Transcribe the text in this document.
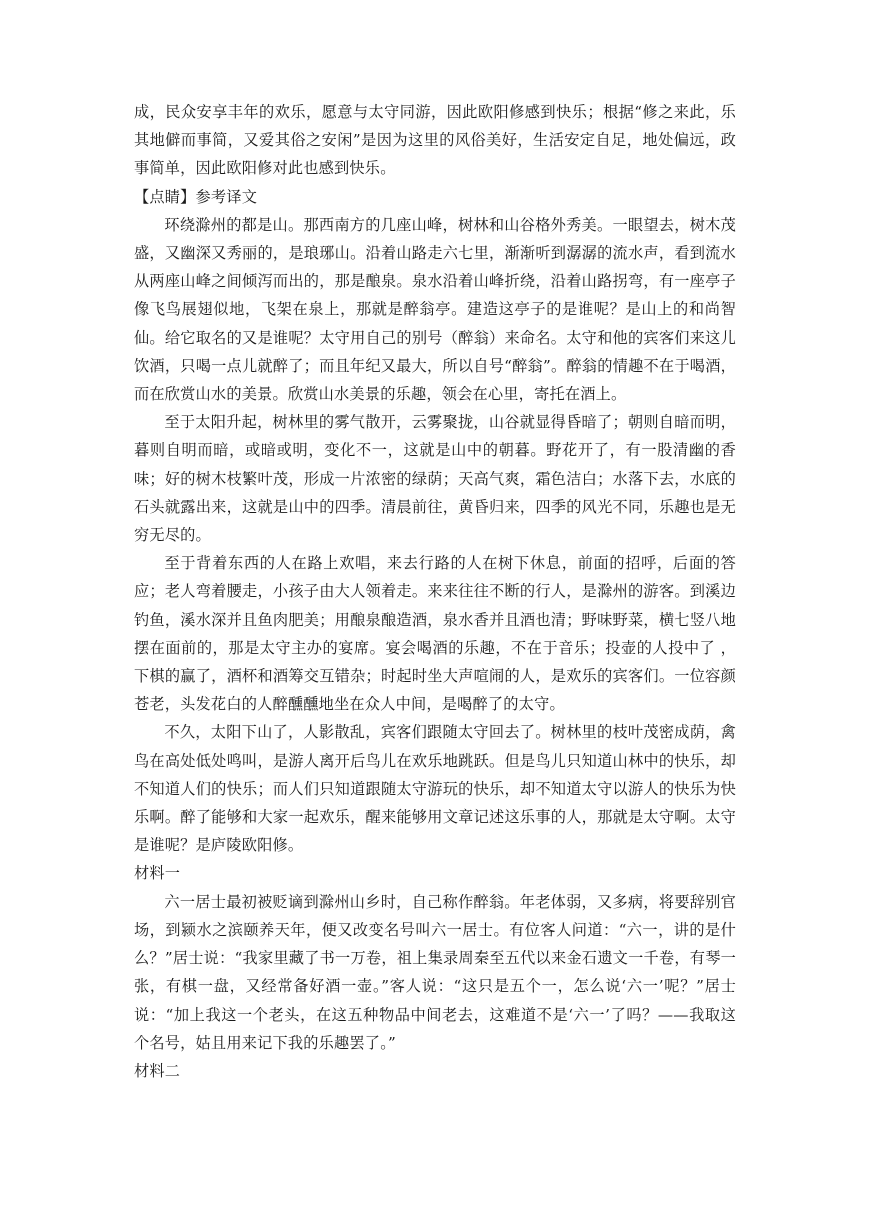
成，民众安享丰年的欢乐，愿意与太守同游，因此欧阳修感到快乐；根据“修之来此，乐其地僻而事简，又爱其俗之安闲”是因为这里的风俗美好，生活安定自足，地处偏远，政事简单，因此欧阳修对此也感到快乐。

【点睛】参考译文

环绕滁州的都是山。那西南方的几座山峰，树林和山谷格外秀美。一眼望去，树木茂盛，又幽深又秀丽的，是琅琊山。沿着山路走六七里，渐渐听到潺潺的流水声，看到流水从两座山峰之间倾泻而出的，那是酿泉。泉水沿着山峰折绕，沿着山路拐弯，有一座亭子像飞鸟展翅似地，飞架在泉上，那就是醉翁亭。建造这亭子的是谁呢？是山上的和尚智仙。给它取名的又是谁呢？太守用自己的别号（醉翁）来命名。太守和他的宾客们来这儿饮酒，只喝一点儿就醉了；而且年纪又最大，所以自号“醉翁”。醉翁的情趣不在于喝酒，而在欣赏山水的美景。欣赏山水美景的乐趣，领会在心里，寄托在酒上。

至于太阳升起，树林里的雾气散开，云雾聚拢，山谷就显得昏暗了；朝则自暗而明，暮则自明而暗，或暗或明，变化不一，这就是山中的朝暮。野花开了，有一股清幽的香味；好的树木枝繁叶茂，形成一片浓密的绿荫；天高气爽，霜色洁白；水落下去，水底的石头就露出来，这就是山中的四季。清晨前往，黄昏归来，四季的风光不同，乐趣也是无穷无尽的。

至于背着东西的人在路上欢唱，来去行路的人在树下休息，前面的招呼，后面的答应；老人弯着腰走，小孩子由大人领着走。来来往往不断的行人，是滁州的游客。到溪边钓鱼，溪水深并且鱼肉肥美；用酿泉酿造酒，泉水香并且酒也清；野味野菜，横七竖八地摆在面前的，那是太守主办的宴席。宴会喝酒的乐趣，不在于音乐；投壶的人投中了 ，下棋的赢了，酒杯和酒筹交互错杂；时起时坐大声喧闹的人，是欢乐的宾客们。一位容颜苍老，头发花白的人醉醺醺地坐在众人中间，是喝醉了的太守。

不久，太阳下山了，人影散乱，宾客们跟随太守回去了。树林里的枝叶茂密成荫，禽鸟在高处低处鸣叫，是游人离开后鸟儿在欢乐地跳跃。但是鸟儿只知道山林中的快乐，却不知道人们的快乐；而人们只知道跟随太守游玩的快乐，却不知道太守以游人的快乐为快乐啊。醉了能够和大家一起欢乐，醒来能够用文章记述这乐事的人，那就是太守啊。太守是谁呢？是庐陵欧阳修。

材料一

六一居士最初被贬谪到滁州山乡时，自己称作醉翁。年老体弱，又多病，将要辞别官场，到颍水之滨颐养天年，便又改变名号叫六一居士。有位客人问道：“六一，讲的是什么？”居士说：“我家里藏了书一万卷，祖上集录周秦至五代以来金石遗文一千卷，有琴一张，有棋一盘，又经常备好酒一壶。”客人说：“这只是五个一，怎么说‘六一’呢？”居士说：“加上我这一个老头，在这五种物品中间老去，这难道不是‘六一’了吗？——我取这个名号，姑且用来记下我的乐趣罢了。”

材料二
